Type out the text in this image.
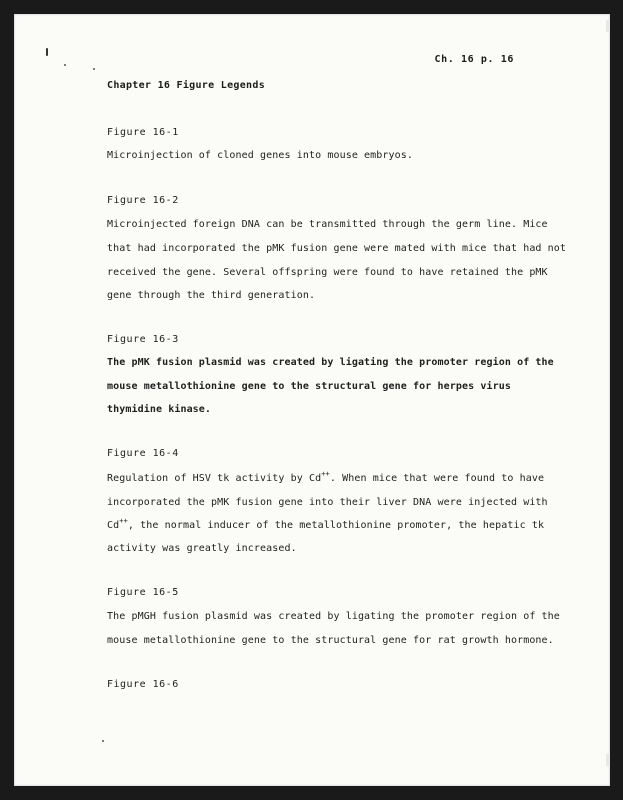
Ch. 16 p. 16
Chapter 16 Figure Legends
Figure 16-1
Microinjection of cloned genes into mouse embryos.
Figure 16-2
Microinjected foreign DNA can be transmitted through the germ line. Mice
that had incorporated the pMK fusion gene were mated with mice that had not
received the gene. Several offspring were found to have retained the pMK
gene through the third generation.
Figure 16-3
The pMK fusion plasmid was created by ligating the promoter region of the
mouse metallothionine gene to the structural gene for herpes virus
thymidine kinase.
Figure 16-4
Regulation of HSV tk activity by Cd++. When mice that were found to have
incorporated the pMK fusion gene into their liver DNA were injected with
Cd++, the normal inducer of the metallothionine promoter, the hepatic tk
activity was greatly increased.
Figure 16-5
The pMGH fusion plasmid was created by ligating the promoter region of the
mouse metallothionine gene to the structural gene for rat growth hormone.
Figure 16-6
